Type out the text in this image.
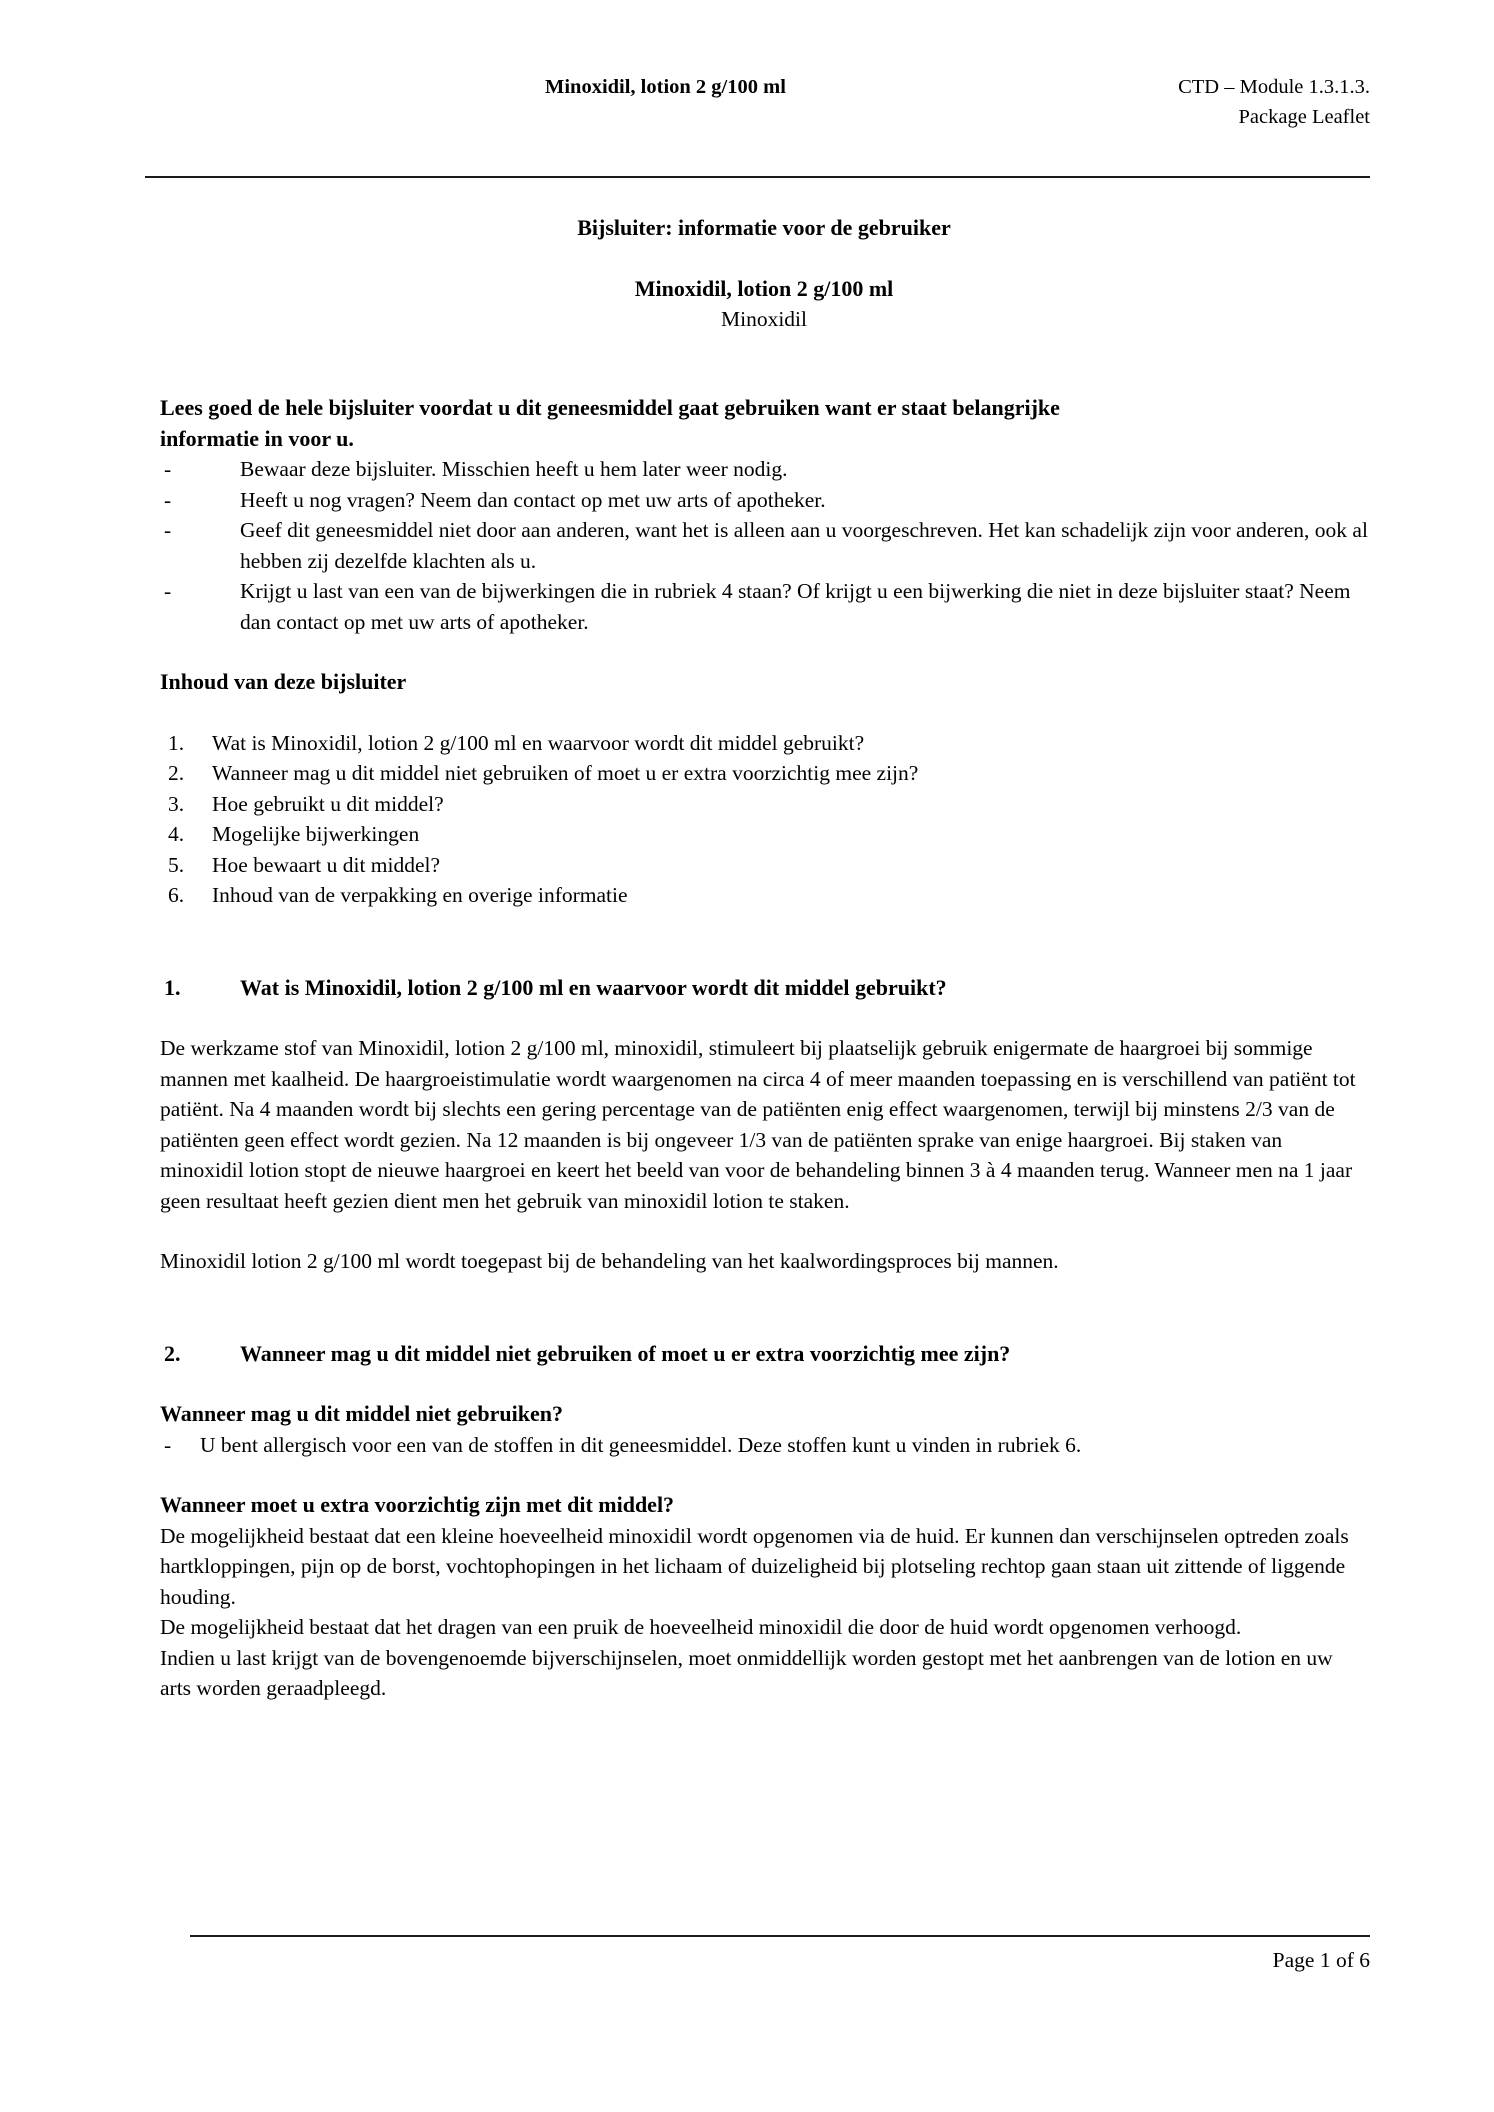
Minoxidil, lotion 2 g/100 ml	CTD – Module 1.3.1.3.
Package Leaflet
Bijsluiter: informatie voor de gebruiker
Minoxidil, lotion 2 g/100 ml
Minoxidil
Lees goed de hele bijsluiter voordat u dit geneesmiddel gaat gebruiken want er staat belangrijke
informatie in voor u.
-	Bewaar deze bijsluiter. Misschien heeft u hem later weer nodig.
-	Heeft u nog vragen? Neem dan contact op met uw arts of apotheker.
-	Geef dit geneesmiddel niet door aan anderen, want het is alleen aan u voorgeschreven. Het kan schadelijk zijn voor anderen, ook al hebben zij dezelfde klachten als u.
-	Krijgt u last van een van de bijwerkingen die in rubriek 4 staan? Of krijgt u een bijwerking die niet in deze bijsluiter staat? Neem dan contact op met uw arts of apotheker.
Inhoud van deze bijsluiter
1. Wat is Minoxidil, lotion 2 g/100 ml en waarvoor wordt dit middel gebruikt?
2. Wanneer mag u dit middel niet gebruiken of moet u er extra voorzichtig mee zijn?
3. Hoe gebruikt u dit middel?
4. Mogelijke bijwerkingen
5. Hoe bewaart u dit middel?
6. Inhoud van de verpakking en overige informatie
1.	Wat is Minoxidil, lotion 2 g/100 ml en waarvoor wordt dit middel gebruikt?

De werkzame stof van Minoxidil, lotion 2 g/100 ml, minoxidil, stimuleert bij plaatselijk gebruik enigermate de haargroei bij sommige mannen met kaalheid. De haargroeistimulatie wordt waargenomen na circa 4 of meer maanden toepassing en is verschillend van patiënt tot patiënt. Na 4 maanden wordt bij slechts een gering percentage van de patiënten enig effect waargenomen, terwijl bij minstens 2/3 van de patiënten geen effect wordt gezien. Na 12 maanden is bij ongeveer 1/3 van de patiënten sprake van enige haargroei. Bij staken van minoxidil lotion stopt de nieuwe haargroei en keert het beeld van voor de behandeling binnen 3 à 4 maanden terug. Wanneer men na 1 jaar geen resultaat heeft gezien dient men het gebruik van minoxidil lotion te staken.

Minoxidil lotion 2 g/100 ml wordt toegepast bij de behandeling van het kaalwordingsproces bij mannen.

2.	Wanneer mag u dit middel niet gebruiken of moet u er extra voorzichtig mee zijn?
Wanneer mag u dit middel niet gebruiken?
- U bent allergisch voor een van de stoffen in dit geneesmiddel. Deze stoffen kunt u vinden in rubriek 6.
Wanneer moet u extra voorzichtig zijn met dit middel?

De mogelijkheid bestaat dat een kleine hoeveelheid minoxidil wordt opgenomen via de huid. Er kunnen dan verschijnselen optreden zoals hartkloppingen, pijn op de borst, vochtophopingen in het lichaam of duizeligheid bij plotseling rechtop gaan staan uit zittende of liggende houding.

De mogelijkheid bestaat dat het dragen van een pruik de hoeveelheid minoxidil die door de huid wordt opgenomen verhoogd.

Indien u last krijgt van de bovengenoemde bijverschijnselen, moet onmiddellijk worden gestopt met het aanbrengen van de lotion en uw arts worden geraadpleegd.

Page 1 of 6
